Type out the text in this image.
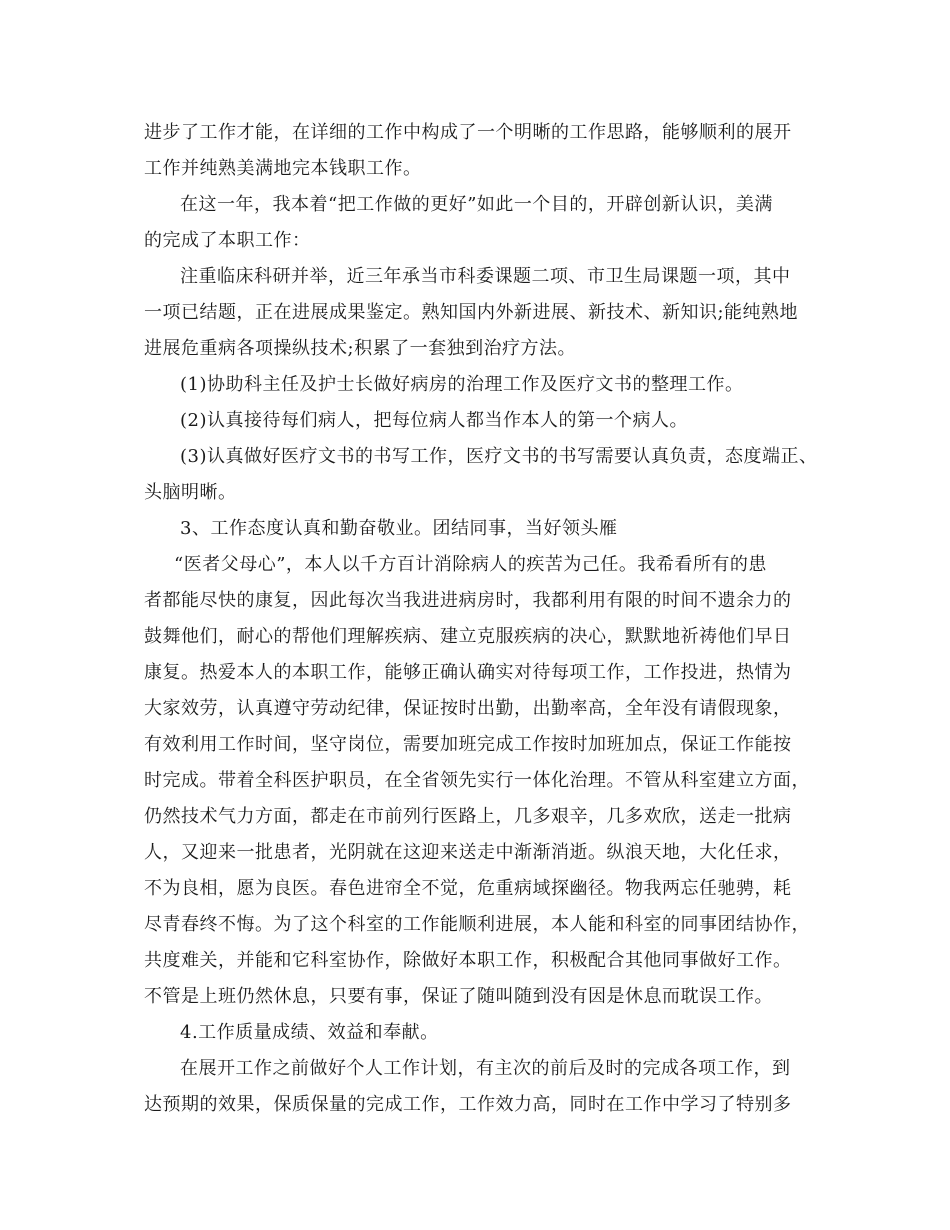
进步了工作才能，在详细的工作中构成了一个明晰的工作思路，能够顺利的展开
工作并纯熟美满地完本钱职工作。
在这一年，我本着“把工作做的更好”如此一个目的，开辟创新认识，美满
的完成了本职工作：
注重临床科研并举，近三年承当市科委课题二项、市卫生局课题一项，其中
一项已结题，正在进展成果鉴定。熟知国内外新进展、新技术、新知识;能纯熟地
进展危重病各项操纵技术;积累了一套独到治疗方法。
(1)协助科主任及护士长做好病房的治理工作及医疗文书的整理工作。
(2)认真接待每们病人，把每位病人都当作本人的第一个病人。
(3)认真做好医疗文书的书写工作，医疗文书的书写需要认真负责，态度端正、
头脑明晰。
3、工作态度认真和勤奋敬业。团结同事，当好领头雁
“医者父母心”，本人以千方百计消除病人的疾苦为己任。我希看所有的患
者都能尽快的康复，因此每次当我进进病房时，我都利用有限的时间不遗余力的
鼓舞他们，耐心的帮他们理解疾病、建立克服疾病的决心，默默地祈祷他们早日
康复。热爱本人的本职工作，能够正确认确实对待每项工作，工作投进，热情为
大家效劳，认真遵守劳动纪律，保证按时出勤，出勤率高，全年没有请假现象，
有效利用工作时间，坚守岗位，需要加班完成工作按时加班加点，保证工作能按
时完成。带着全科医护职员，在全省领先实行一体化治理。不管从科室建立方面，
仍然技术气力方面，都走在市前列行医路上，几多艰辛，几多欢欣，送走一批病
人，又迎来一批患者，光阴就在这迎来送走中渐渐消逝。纵浪天地，大化任求，
不为良相，愿为良医。春色进帘全不觉，危重病域探幽径。物我两忘任驰骋，耗
尽青春终不悔。为了这个科室的工作能顺利进展，本人能和科室的同事团结协作，
共度难关，并能和它科室协作，除做好本职工作，积极配合其他同事做好工作。
不管是上班仍然休息，只要有事，保证了随叫随到没有因是休息而耽误工作。
4.工作质量成绩、效益和奉献。
在展开工作之前做好个人工作计划，有主次的前后及时的完成各项工作，到
达预期的效果，保质保量的完成工作，工作效力高，同时在工作中学习了特别多
